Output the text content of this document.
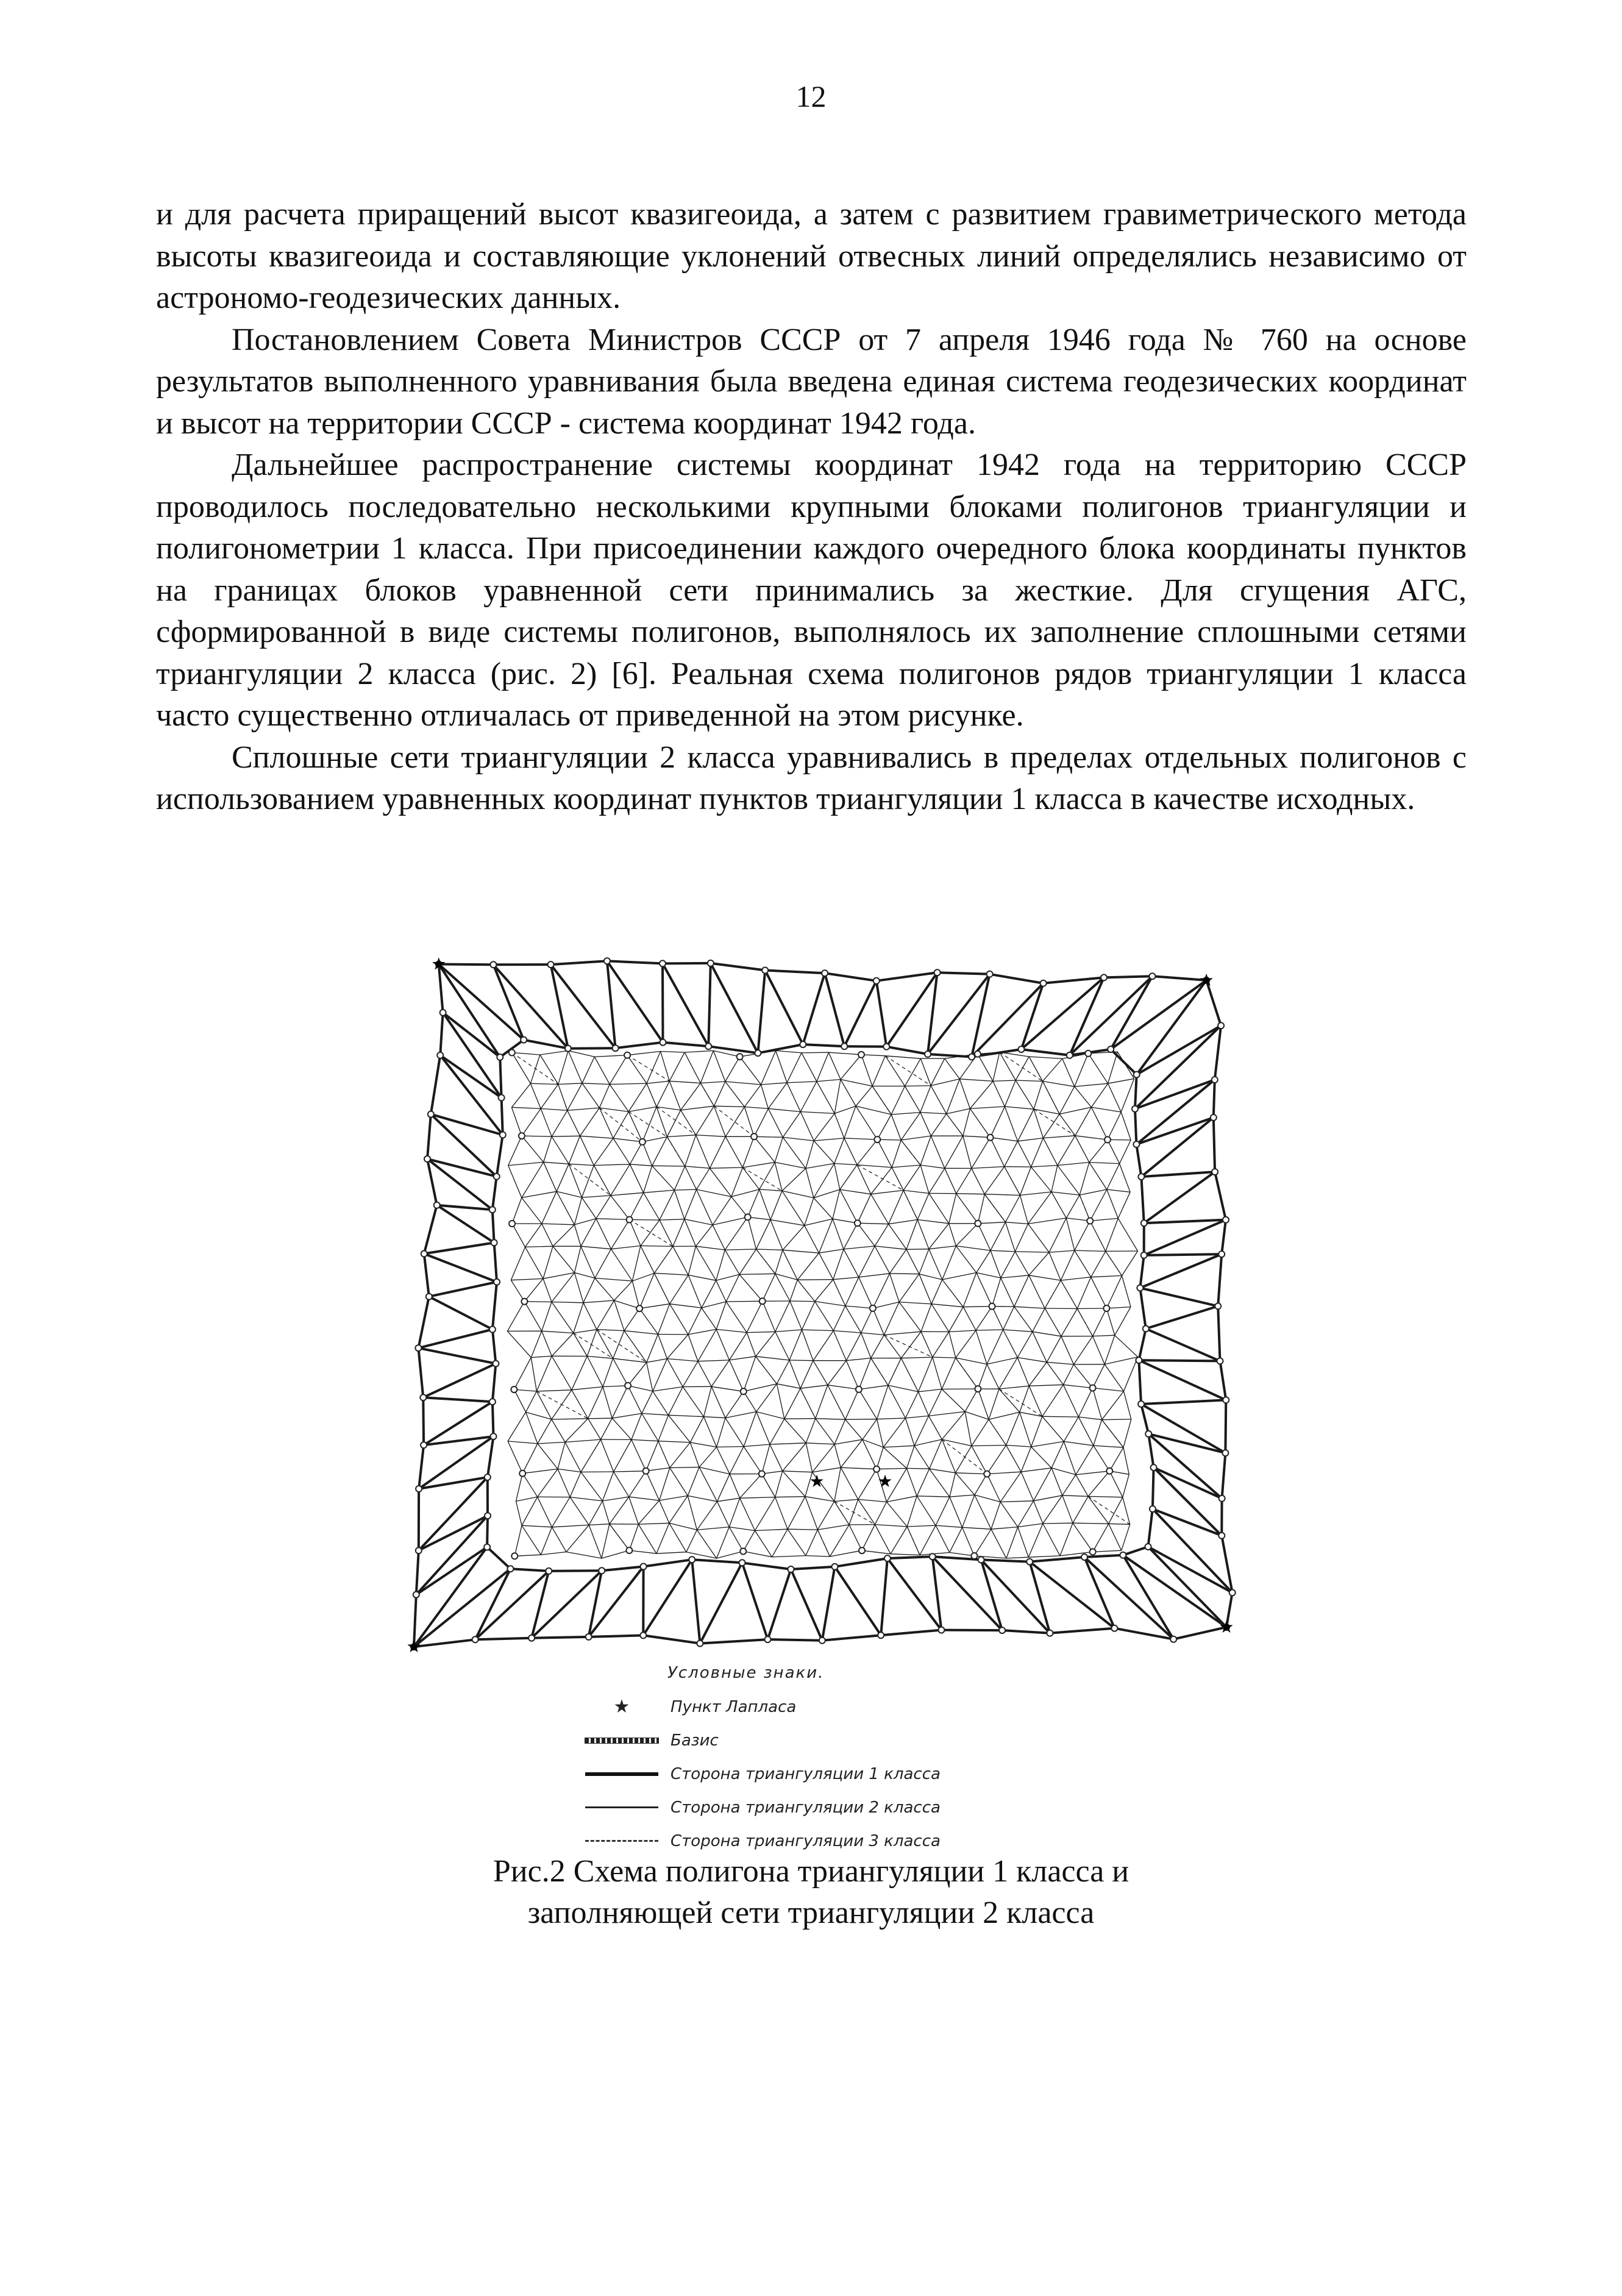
12

и для расчета приращений высот квазигеоида, а затем с развитием гравиметрического метода высоты квазигеоида и составляющие уклонений отвесных линий определялись независимо от астрономо-геодезических данных.

Постановлением Совета Министров СССР от 7 апреля 1946 года № 760 на основе результатов выполненного уравнивания была введена единая система геодезических координат и высот на территории СССР - система координат 1942 года.

Дальнейшее распространение системы координат 1942 года на территорию СССР проводилось последовательно несколькими крупными блоками полигонов триангуляции и полигонометрии 1 класса. При присоединении каждого очередного блока координаты пунктов на границах блоков уравненной сети принимались за жесткие. Для сгущения АГС, сформированной в виде системы полигонов, выполнялось их заполнение сплошными сетями триангуляции 2 класса (рис. 2) [6]. Реальная схема полигонов рядов триангуляции 1 класса часто существенно отличалась от приведенной на этом рисунке.

Сплошные сети триангуляции 2 класса уравнивались в пределах отдельных полигонов с использованием уравненных координат пунктов триангуляции 1 класса в качестве исходных.

★
★
★
★
★	★
Условные знаки.
★	Пункт Лапласа
Базис
Сторона триангуляции 1 класса
Сторона триангуляции 2 класса
Сторона триангуляции 3 класса
Рис.2 Схема полигона триангуляции 1 класса и
заполняющей сети триангуляции 2 класса
